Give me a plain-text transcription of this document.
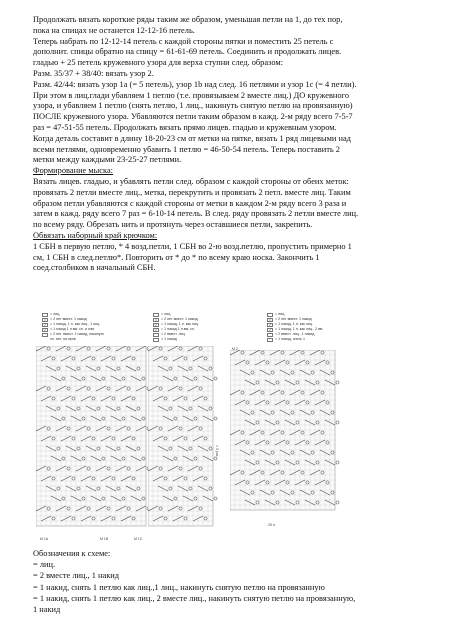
Продолжать вязать короткие ряды таким же образом, уменьшая петли на 1, до тех пор,
пока на спицах не останется 12-12-16 петель.
Теперь набрать по 12-12-14 петель с каждой стороны пятки и поместить 25 петель с
дополнит. спицы обратно на спицу = 61-61-69 петель. Соединить и продолжать лицев.
гладью + 25 петель кружевного узора для верха ступни след. образом:
Разм. 35/37 + 38/40: вязать узор 2.
Разм. 42/44: вязать узор 1а (= 5 петель), узор 1b над след. 16 петлями и узор 1с (= 4 петли).
При этом в лиц.глади убавляем 1 петлю (т.е. провязываем 2 вместе лиц.) ДО кружевного
узора, и убавляем 1 петлю (снять петлю, 1 лиц., накинуть снятую петлю на провязанную)
ПОСЛЕ кружевного узора. Убавляются петли таким образом в кажд. 2-м ряду всего 7-5-7
раз = 47-51-55 петель. Продолжать вязать прямо лицев. гладью и кружевным узором.
Когда деталь составит в длину 18-20-23 см от метки на пятке, вязать 1 ряд лицевыми над
всеми петлями, одновременно убавить 1 петлю = 46-50-54 петель. Теперь поставить 2
метки между каждыми 23-25-27 петлями.
Формирование мыска:
Вязать лицев. гладью, и убавлять петли след. образом с каждой стороны от обеих меток:
провязать 2 петли вместе лиц., метка, перекрутить и провязать 2 петл. вместе лиц. Таким
образом петли убавляются с каждой стороны от метки в каждом 2-м ряду всего 3 раза и
затем в кажд. ряду всего 7 раз = 6-10-14 петель. В след. ряду провязать 2 петли вместе лиц.
по всему ряду. Обрезать нить и протянуть через оставшиеся петли, закрепить.
Обвязать наборный край крючком:
1 СБН в первую петлю, * 4 возд.петли, 1 СБН во 2-ю возд.петлю, пропустить примерно 1
см, 1 СБН в след.петлю*. Повторить от * до * по всему краю носка. Закончить 1
соед.столбиком в начальный СБН.
= лиц.
= 2 пет вмест. 1 накид
= 1 накид, 1 п. как лиц., 1 лиц.
= 1 накид 1 п.вм. сн. и спм
= 2 пет. вмест. 1 накид, накинуть
сн. пет. на пров
= лиц.
= 2 пет вмест. 1 накид
= 1 накид, 1 п. как лиц.
= 1 накид 1 п.вм. сн.
= 2 вмест. лиц.
= 1 накид
= лиц.
= 2 пет вмест. 1 накид
= 1 накид, 1 п. как лиц.
= 1 накид, 1 п. как лиц., 2 вм.
= 2 вмест. лиц., 1 накид
= 1 накид, снять 1
M 2
25 п.
= 3 раз
M 1A	M 1B	M 1C
Обозначения к схеме:
= лиц.
= 2 вместе лиц., 1 накид
= 1 накид, снять 1 петлю как лиц.,1 лиц., накинуть снятую петлю на провязанную
= 1 накид, снять 1 петлю как лиц., 2 вместе лиц., накинуть снятую петлю на провязанную,
1 накид
